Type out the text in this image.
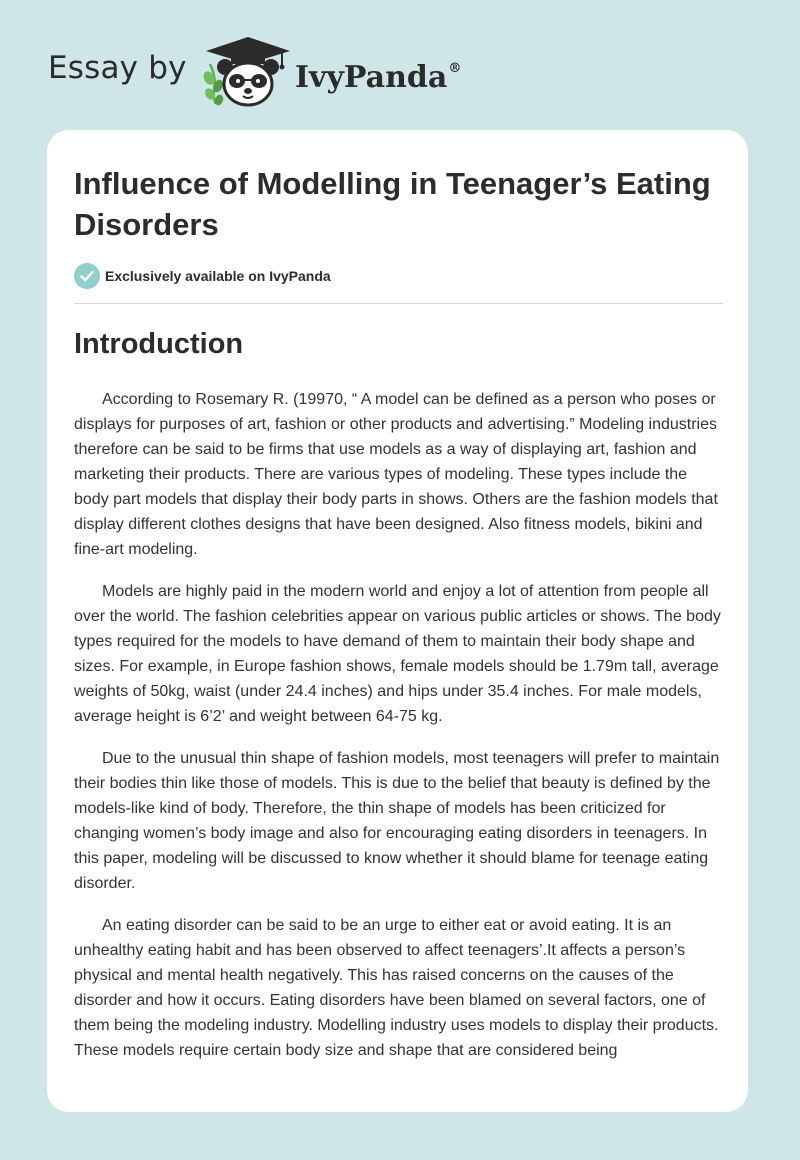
Essay by	IvyPanda®
Influence of Modelling in Teenager’s Eating Disorders
Exclusively available on IvyPanda
Introduction

According to Rosemary R. (19970, “ A model can be defined as a person who poses or displays for purposes of art, fashion or other products and advertising.” Modeling industries therefore can be said to be firms that use models as a way of displaying art, fashion and marketing their products. There are various types of modeling. These types include the body part models that display their body parts in shows. Others are the fashion models that display different clothes designs that have been designed. Also fitness models, bikini and fine-art modeling.

Models are highly paid in the modern world and enjoy a lot of attention from people all over the world. The fashion celebrities appear on various public articles or shows. The body types required for the models to have demand of them to maintain their body shape and sizes. For example, in Europe fashion shows, female models should be 1.79m tall, average weights of 50kg, waist (under 24.4 inches) and hips under 35.4 inches. For male models, average height is 6’2’ and weight between 64-75 kg.

Due to the unusual thin shape of fashion models, most teenagers will prefer to maintain their bodies thin like those of models. This is due to the belief that beauty is defined by the models-like kind of body. Therefore, the thin shape of models has been criticized for changing women’s body image and also for encouraging eating disorders in teenagers. In this paper, modeling will be discussed to know whether it should blame for teenage eating disorder.

An eating disorder can be said to be an urge to either eat or avoid eating. It is an unhealthy eating habit and has been observed to affect teenagers’.It affects a person’s physical and mental health negatively. This has raised concerns on the causes of the disorder and how it occurs. Eating disorders have been blamed on several factors, one of them being the modeling industry. Modelling industry uses models to display their products. These models require certain body size and shape that are considered being
